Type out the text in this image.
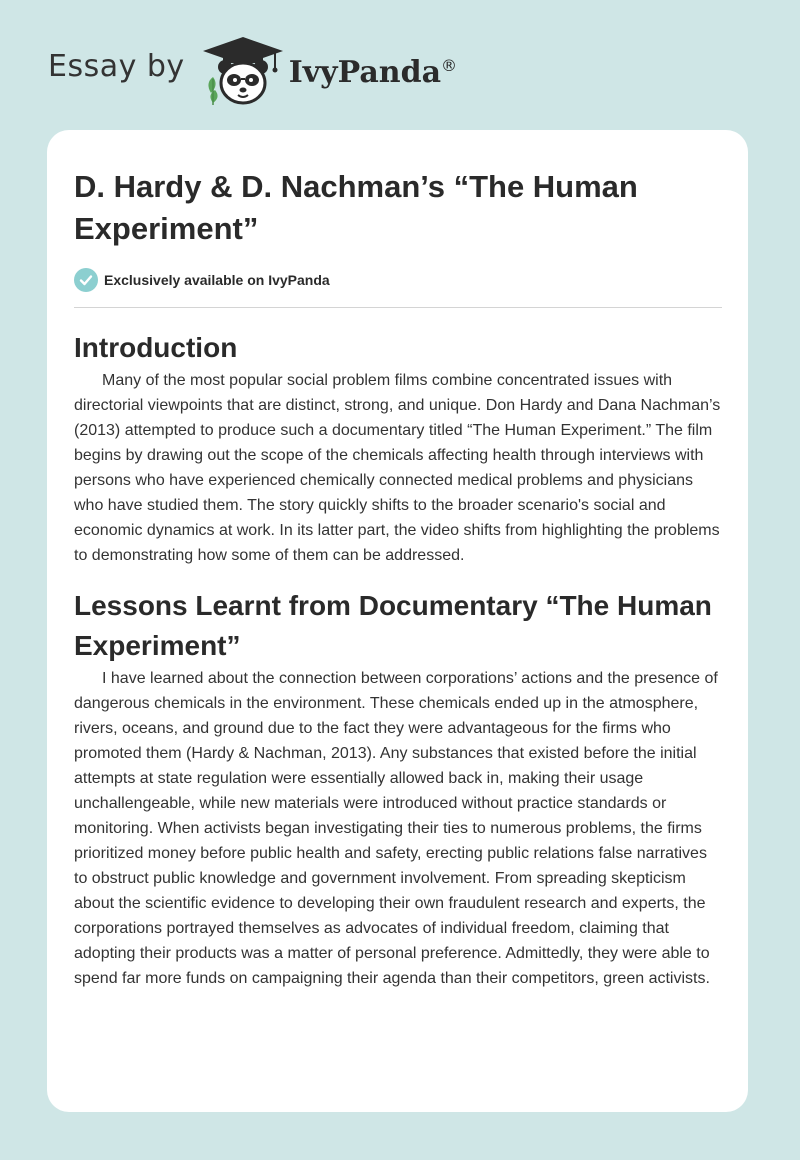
Essay by	IvyPanda®
D. Hardy & D. Nachman’s “The Human Experiment”
Exclusively available on IvyPanda
Introduction

Many of the most popular social problem films combine concentrated issues with directorial viewpoints that are distinct, strong, and unique. Don Hardy and Dana Nachman’s (2013) attempted to produce such a documentary titled “The Human Experiment.” The film begins by drawing out the scope of the chemicals affecting health through interviews with persons who have experienced chemically connected medical problems and physicians who have studied them. The story quickly shifts to the broader scenario's social and economic dynamics at work. In its latter part, the video shifts from highlighting the problems to demonstrating how some of them can be addressed.

Lessons Learnt from Documentary “The Human Experiment”

I have learned about the connection between corporations’ actions and the presence of dangerous chemicals in the environment. These chemicals ended up in the atmosphere, rivers, oceans, and ground due to the fact they were advantageous for the firms who promoted them (Hardy & Nachman, 2013). Any substances that existed before the initial attempts at state regulation were essentially allowed back in, making their usage unchallengeable, while new materials were introduced without practice standards or monitoring. When activists began investigating their ties to numerous problems, the firms prioritized money before public health and safety, erecting public relations false narratives to obstruct public knowledge and government involvement. From spreading skepticism about the scientific evidence to developing their own fraudulent research and experts, the corporations portrayed themselves as advocates of individual freedom, claiming that adopting their products was a matter of personal preference. Admittedly, they were able to spend far more funds on campaigning their agenda than their competitors, green activists.
